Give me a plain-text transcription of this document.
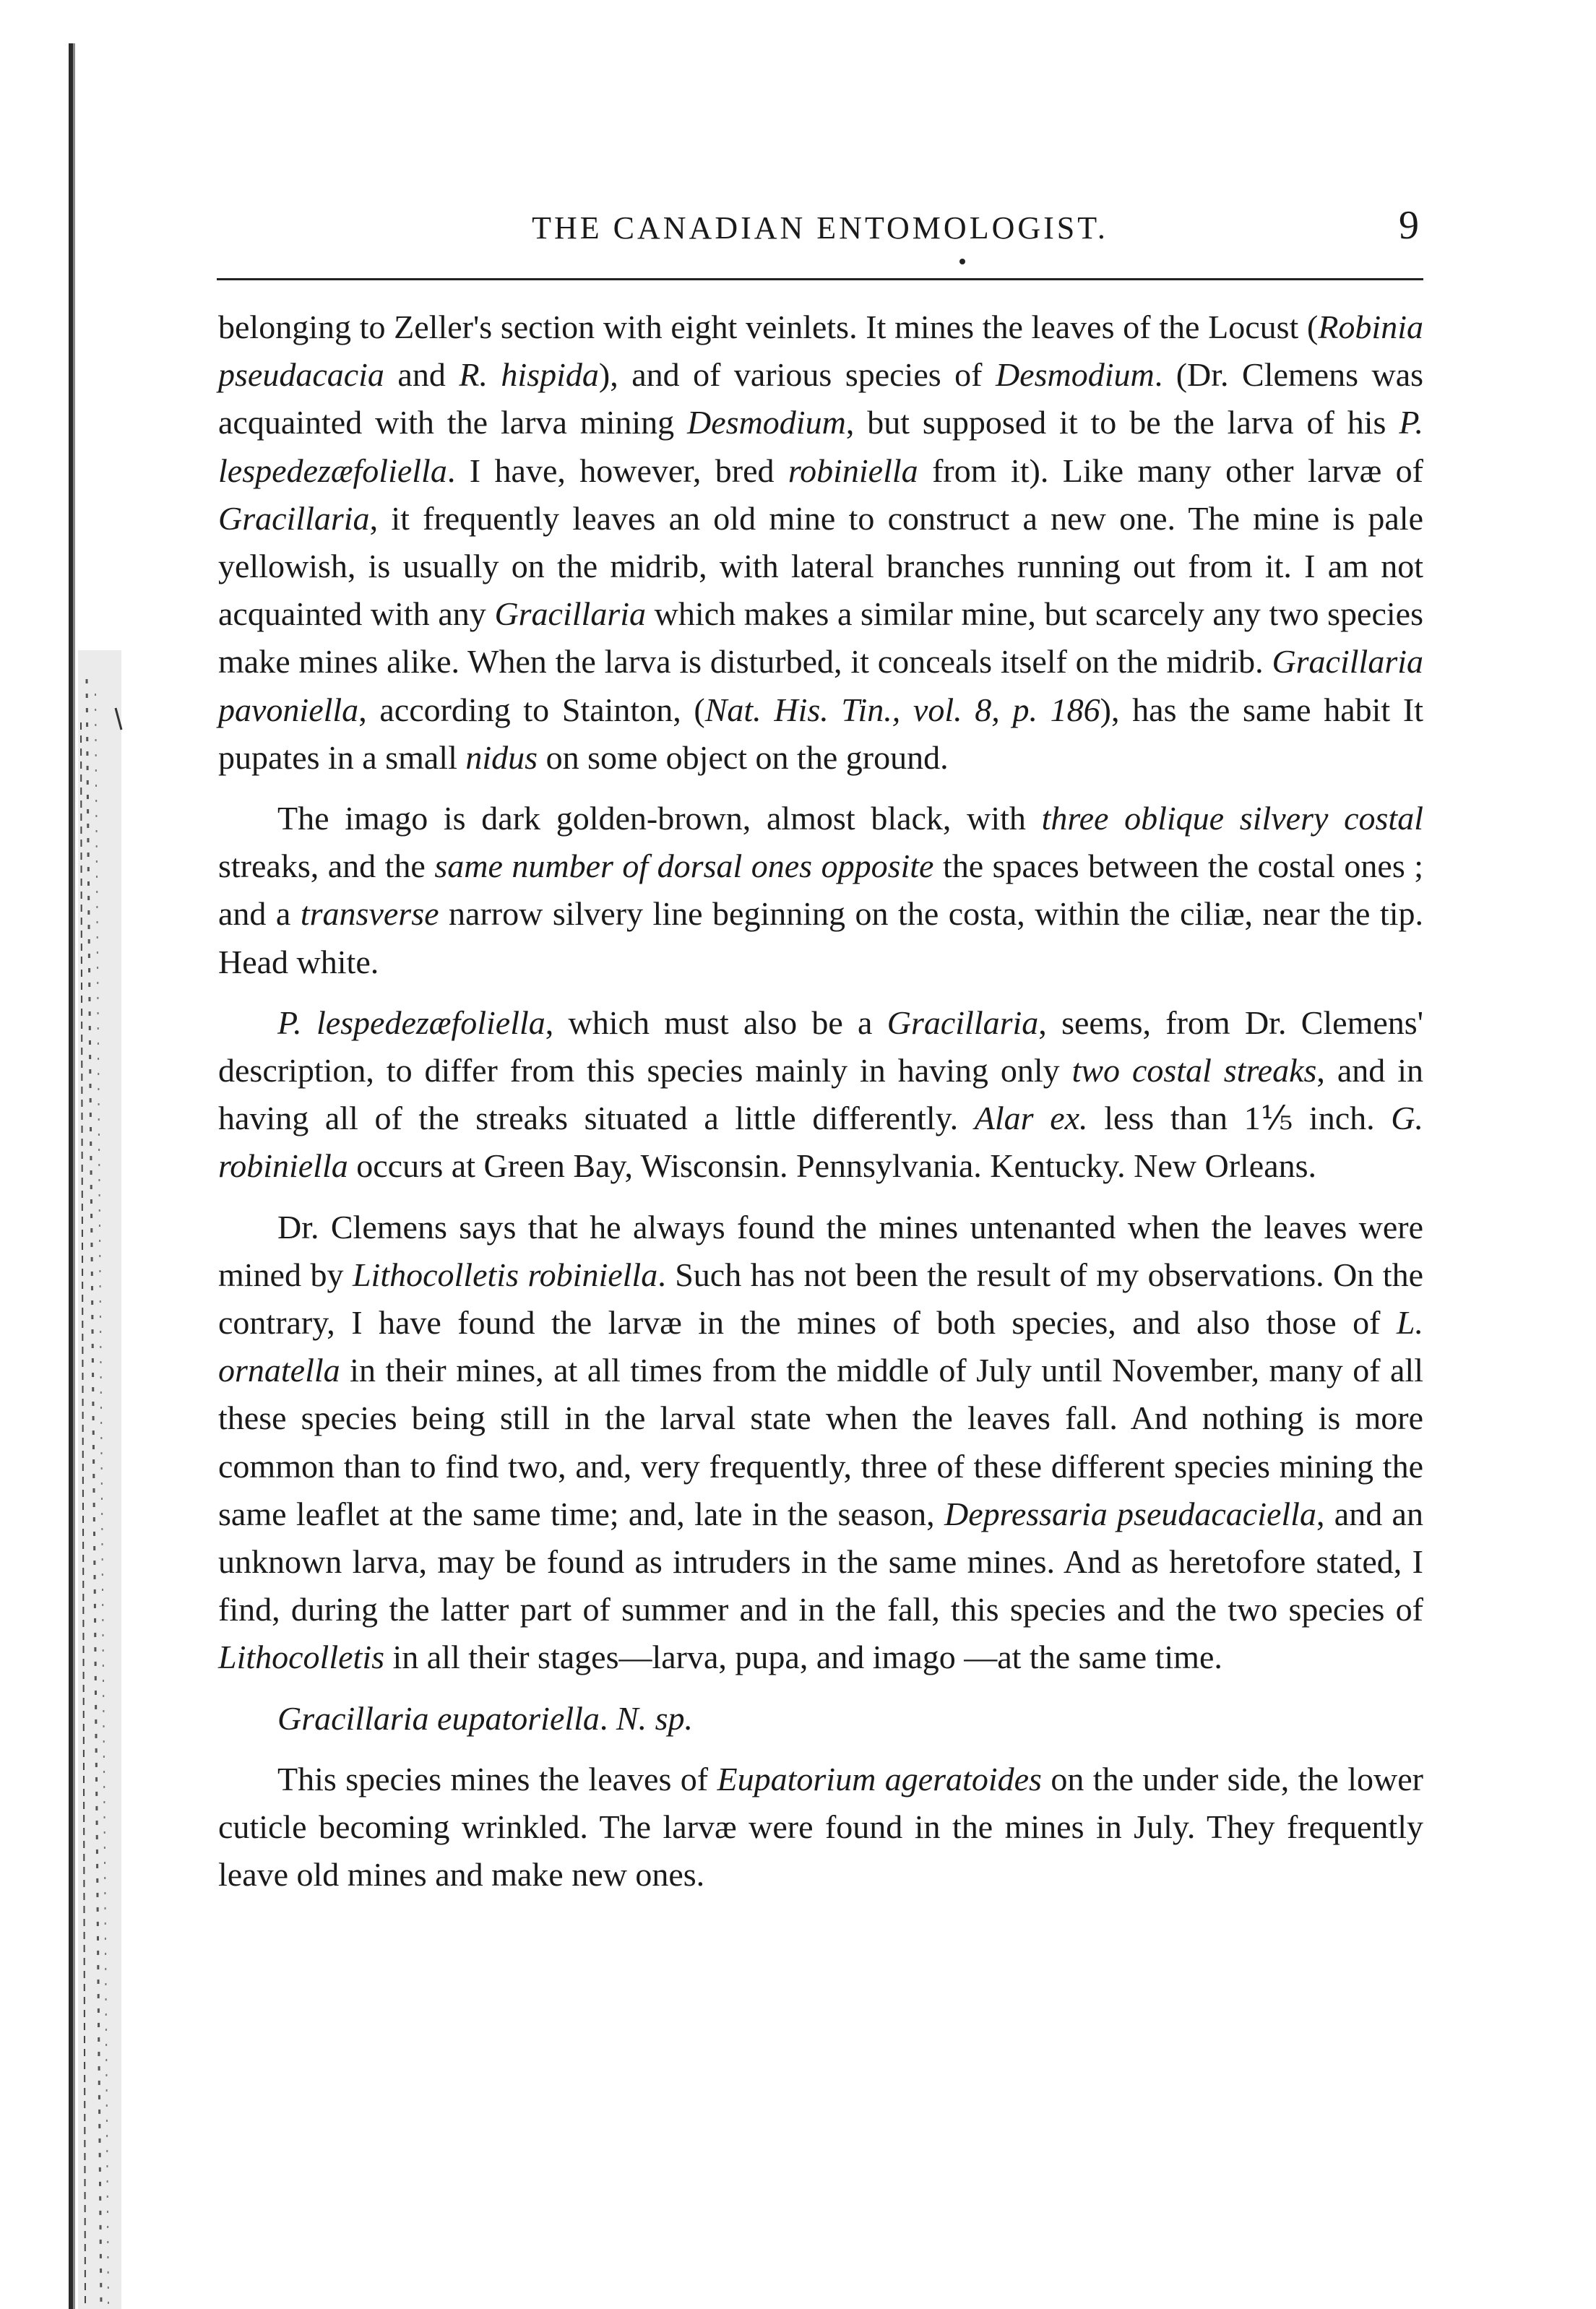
THE CANADIAN ENTOMOLOGIST.	9

belonging to Zeller's section with eight veinlets. It mines the leaves of the Locust (Robinia pseudacacia and R. hispida), and of various species of Desmodium. (Dr. Clemens was acquainted with the larva mining Desmodium, but supposed it to be the larva of his P. lespedezæfoliella. I have, however, bred robiniella from it). Like many other larvæ of Gracillaria, it frequently leaves an old mine to construct a new one. The mine is pale yellowish, is usually on the midrib, with lateral branches running out from it. I am not acquainted with any Gracillaria which makes a similar mine, but scarcely any two species make mines alike. When the larva is disturbed, it conceals itself on the midrib. Gracillaria pavoniella, according to Stainton, (Nat. His. Tin., vol. 8, p. 186), has the same habit It pupates in a small nidus on some object on the ground.

The imago is dark golden-brown, almost black, with three oblique silvery costal streaks, and the same number of dorsal ones opposite the spaces between the costal ones ; and a transverse narrow silvery line beginning on the costa, within the ciliæ, near the tip. Head white.

P. lespedezæfoliella, which must also be a Gracillaria, seems, from Dr. Clemens' description, to differ from this species mainly in having only two costal streaks, and in having all of the streaks situated a little differently. Alar ex. less than 1⅕ inch. G. robiniella occurs at Green Bay, Wisconsin. Pennsylvania. Kentucky. New Orleans.

Dr. Clemens says that he always found the mines untenanted when the leaves were mined by Lithocolletis robiniella. Such has not been the result of my observations. On the contrary, I have found the larvæ in the mines of both species, and also those of L. ornatella in their mines, at all times from the middle of July until November, many of all these species being still in the larval state when the leaves fall. And nothing is more common than to find two, and, very frequently, three of these different species mining the same leaflet at the same time; and, late in the season, Depressaria pseudacaciella, and an unknown larva, may be found as intruders in the same mines. And as heretofore stated, I find, during the latter part of summer and in the fall, this species and the two species of Lithocolletis in all their stages—larva, pupa, and imago —at the same time.

Gracillaria eupatoriella. N. sp.

This species mines the leaves of Eupatorium ageratoides on the under side, the lower cuticle becoming wrinkled. The larvæ were found in the mines in July. They frequently leave old mines and make new ones.
